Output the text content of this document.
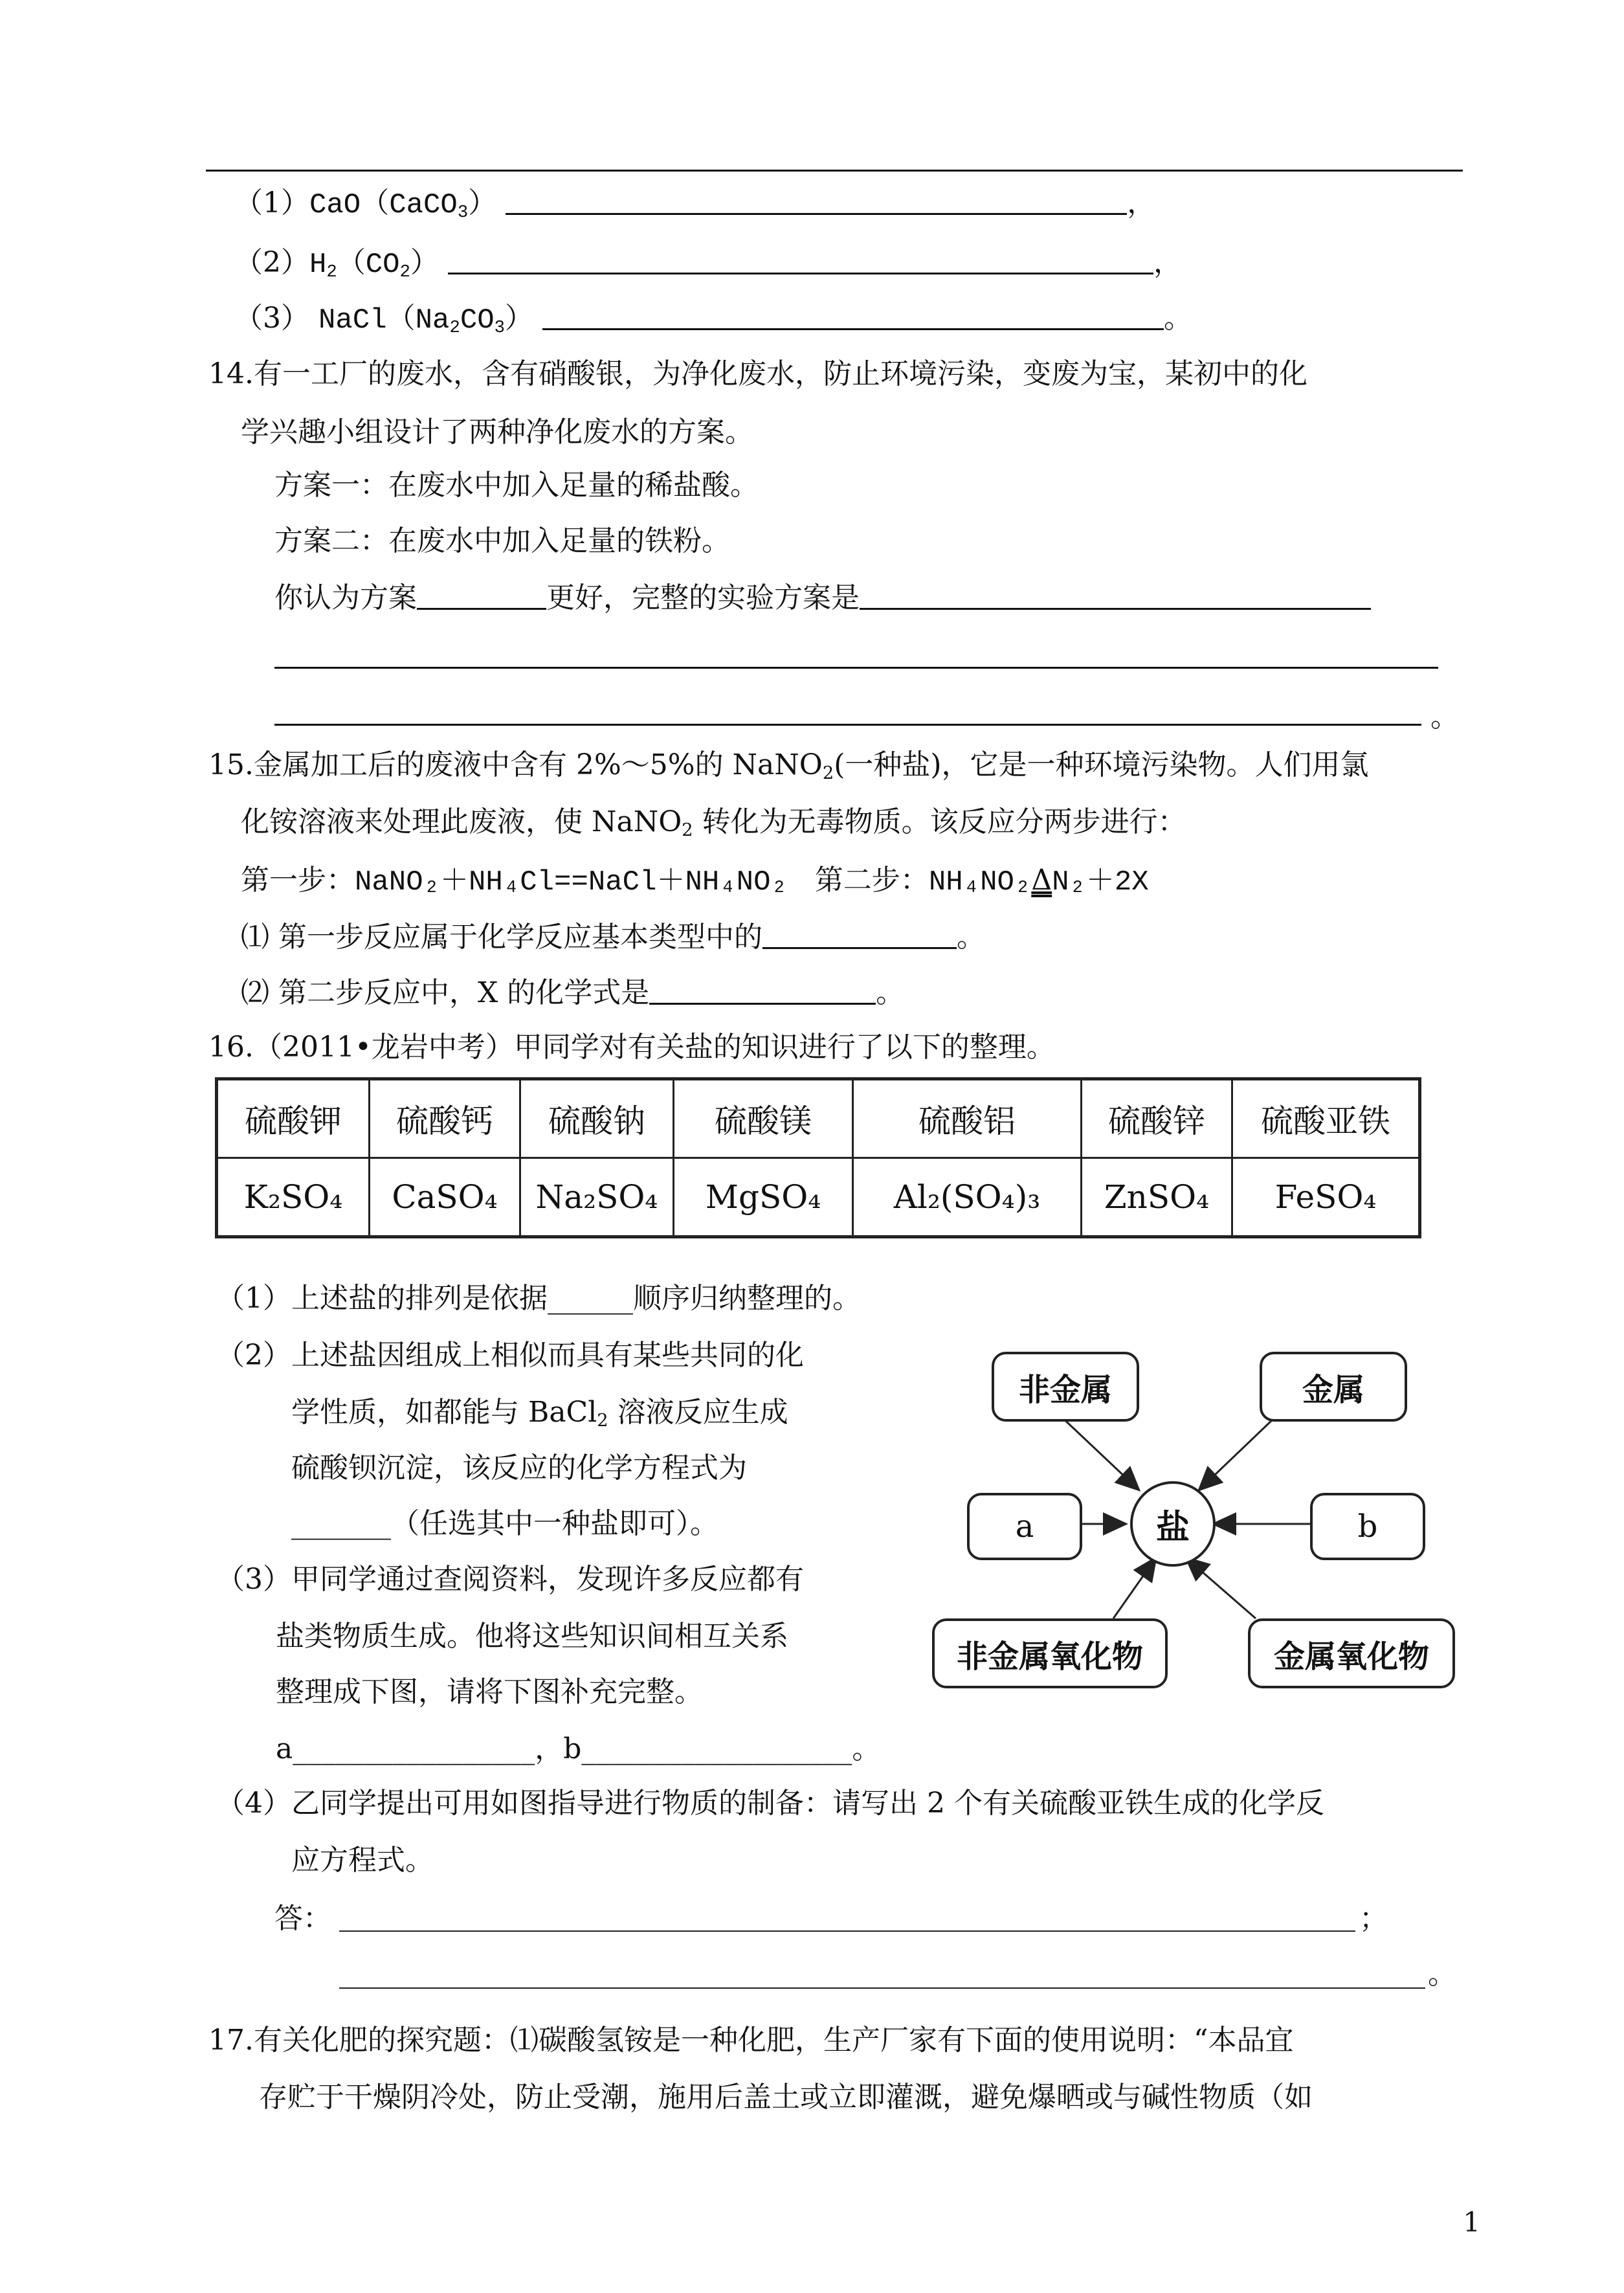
（1）CaO（CaCO$_3$）	，
$(2)H_2(CO_2)$	，
（3） $NaCl(Na_2CO_3)$	。
14.有一工厂的废水，含有硝酸银，为净化废水，防止环境污染，变废为宝，某初中的化
学兴趣小组设计了两种净化废水的方案。
方案一：在废水中加入足量的稀盐酸。
方案二：在废水中加入足量的铁粉。
你认为方案	更好，完整的实验方案是
。
15.金属加工后的废液中含有 2%～5%的 NaNO$_2$(一种盐)，它是一种环境污染物。人们用氯
化铵溶液来处理此废液，使 NaNO$_2$ 转化为无毒物质。该反应分两步进行：
第一步：NaNO₂＋NH₄Cl==NaCl＋NH₄NO₂ 第二步：NH₄NO₂ΔN₂＋2X
⑴ 第一步反应属于化学反应基本类型中的	。
⑵ 第二步反应中，X 的化学式是	。
16.（2011•龙岩中考）甲同学对有关盐的知识进行了以下的整理。
硫酸钾	硫酸钙	硫酸钠	硫酸镁	硫酸铝	硫酸锌	硫酸亚铁
K₂SO₄	CaSO₄	Na₂SO₄	MgSO₄	Al₂(SO₄)₃	ZnSO₄	FeSO₄
（1）上述盐的排列是依据______顺序归纳整理的。
（2）上述盐因组成上相似而具有某些共同的化
学性质，如都能与 BaCl$_2$ 溶液反应生成
硫酸钡沉淀，该反应的化学方程式为
_______（任选其中一种盐即可）。
（3）甲同学通过查阅资料，发现许多反应都有
盐类物质生成。他将这些知识间相互关系
整理成下图，请将下图补充完整。
a_________________，b___________________。
（4）乙同学提出可用如图指导进行物质的制备：请写出 2 个有关硫酸亚铁生成的化学反
应方程式。
答：	；
。
非金属	金属
a	盐	b
非金属氧化物	金属氧化物
17.有关化肥的探究题：⑴碳酸氢铵是一种化肥，生产厂家有下面的使用说明：“本品宜
存贮于干燥阴冷处，防止受潮，施用后盖土或立即灌溉，避免爆晒或与碱性物质（如
1
